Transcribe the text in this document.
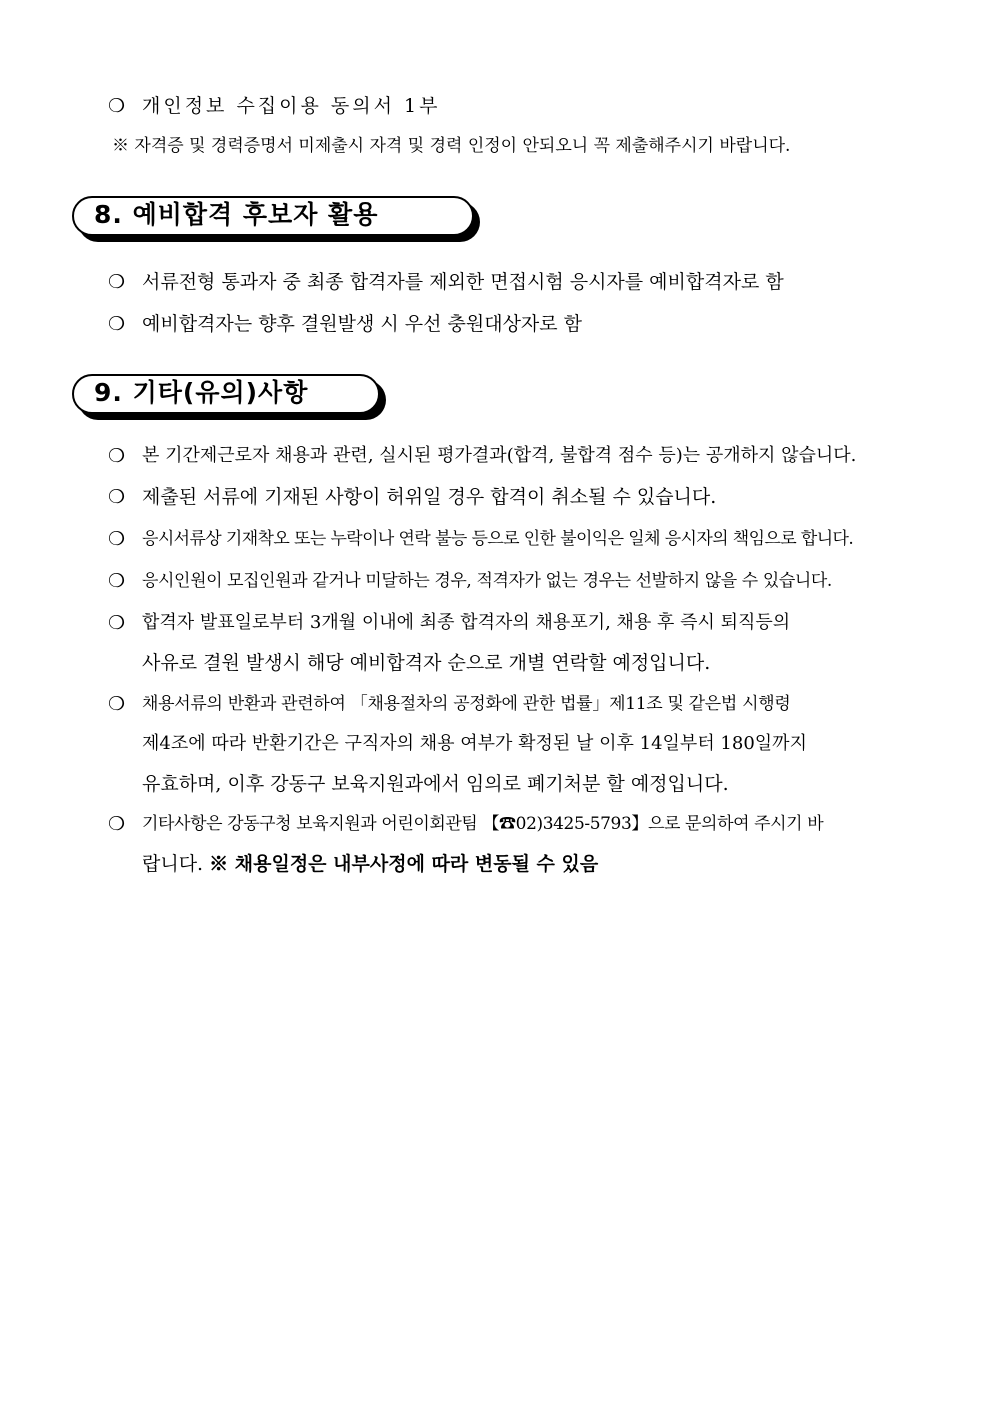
❍ 개인정보 수집이용 동의서 1부
※ 자격증 및 경력증명서 미제출시 자격 및 경력 인정이 안되오니 꼭 제출해주시기 바랍니다.
8. 예비합격 후보자 활용
❍ 서류전형 통과자 중 최종 합격자를 제외한 면접시험 응시자를 예비합격자로 함
❍ 예비합격자는 향후 결원발생 시 우선 충원대상자로 함
9. 기타(유의)사항
❍ 본 기간제근로자 채용과 관련, 실시된 평가결과(합격, 불합격 점수 등)는 공개하지 않습니다.
❍ 제출된 서류에 기재된 사항이 허위일 경우 합격이 취소될 수 있습니다.
❍ 응시서류상 기재착오 또는 누락이나 연락 불능 등으로 인한 불이익은 일체 응시자의 책임으로 합니다.
❍ 응시인원이 모집인원과 같거나 미달하는 경우, 적격자가 없는 경우는 선발하지 않을 수 있습니다.
❍ 합격자 발표일로부터 3개월 이내에 최종 합격자의 채용포기, 채용 후 즉시 퇴직등의
사유로 결원 발생시 해당 예비합격자 순으로 개별 연락할 예정입니다.
❍ 채용서류의 반환과 관련하여 「채용절차의 공정화에 관한 법률」제11조 및 같은법 시행령
제4조에 따라 반환기간은 구직자의 채용 여부가 확정된 날 이후 14일부터 180일까지
유효하며, 이후 강동구 보육지원과에서 임의로 폐기처분 할 예정입니다.
❍ 기타사항은 강동구청 보육지원과 어린이회관팀 【☎02)3425-5793】으로 문의하여 주시기 바
랍니다. ※ 채용일정은 내부사정에 따라 변동될 수 있음
